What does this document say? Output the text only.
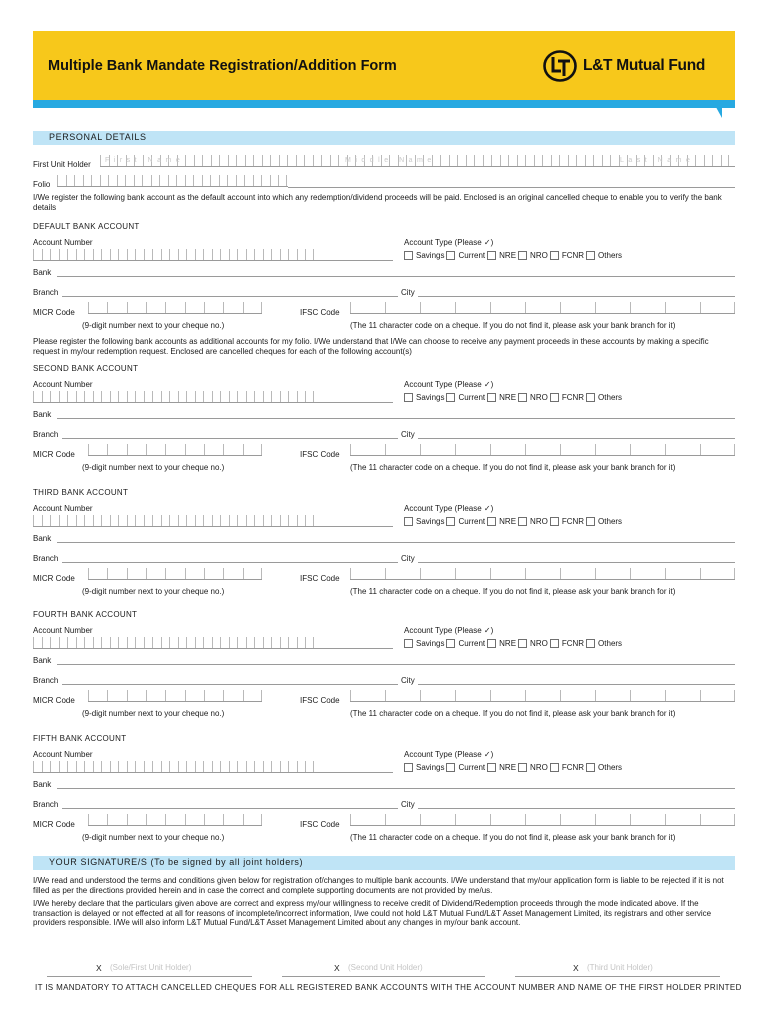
Multiple Bank Mandate Registration/Addition Form	L&T Mutual Fund
PERSONAL DETAILS
First Unit Holder First Name	Middle Name	Last Name
Folio
I/We register the following bank account as the default account into which any redemption/dividend proceeds will be paid. Enclosed is an original cancelled cheque to enable you to verify the bank details
DEFAULT BANK ACCOUNT
Account Number	Account Type (Please ✓)
Savings Current NRE NRO FCNR Others
Bank
Branch	City
MICR Code	IFSC Code
(9-digit number next to your cheque no.)	(The 11 character code on a cheque. If you do not find it, please ask your bank branch for it)
SECOND BANK ACCOUNT
Account Number	Account Type (Please ✓)
Savings Current NRE NRO FCNR Others
Bank
Branch	City
MICR Code	IFSC Code
(9-digit number next to your cheque no.)	(The 11 character code on a cheque. If you do not find it, please ask your bank branch for it)
THIRD BANK ACCOUNT
Account Number	Account Type (Please ✓)
Savings Current NRE NRO FCNR Others
Bank
Branch	City
MICR Code	IFSC Code
(9-digit number next to your cheque no.)	(The 11 character code on a cheque. If you do not find it, please ask your bank branch for it)
FOURTH BANK ACCOUNT
Account Number	Account Type (Please ✓)
Savings Current NRE NRO FCNR Others
Bank
Branch	City
MICR Code	IFSC Code
(9-digit number next to your cheque no.)	(The 11 character code on a cheque. If you do not find it, please ask your bank branch for it)
FIFTH BANK ACCOUNT
Account Number	Account Type (Please ✓)
Savings Current NRE NRO FCNR Others
Bank
Branch	City
MICR Code	IFSC Code
(9-digit number next to your cheque no.)	(The 11 character code on a cheque. If you do not find it, please ask your bank branch for it)
Please register the following bank accounts as additional accounts for my folio. I/We understand that I/We can choose to receive any payment proceeds in these accounts by making a specific request in my/our redemption request. Enclosed are cancelled cheques for each of the following account(s)
YOUR SIGNATURE/S (To be signed by all joint holders)
I/We read and understood the terms and conditions given below for registration of/changes to multiple bank accounts. I/We understand that my/our application form is liable to be rejected if it is not filled as per the directions provided herein and in case the correct and complete supporting documents are not provided by me/us.
I/We hereby declare that the particulars given above are correct and express my/our willingness to receive credit of Dividend/Redemption proceeds through the mode indicated above. If the transaction is delayed or not effected at all for reasons of incomplete/incorrect information, I/we could not hold L&T Mutual Fund/L&T Asset Management Limited, its registrars and other service providers responsible. I/We will also inform L&T Mutual Fund/L&T Asset Management Limited about any changes in my/our bank account.
X (Sole/First Unit Holder)	X (Second Unit Holder)	X (Third Unit Holder)
IT IS MANDATORY TO ATTACH CANCELLED CHEQUES FOR ALL REGISTERED BANK ACCOUNTS WITH THE ACCOUNT NUMBER AND NAME OF THE FIRST HOLDER PRINTED
